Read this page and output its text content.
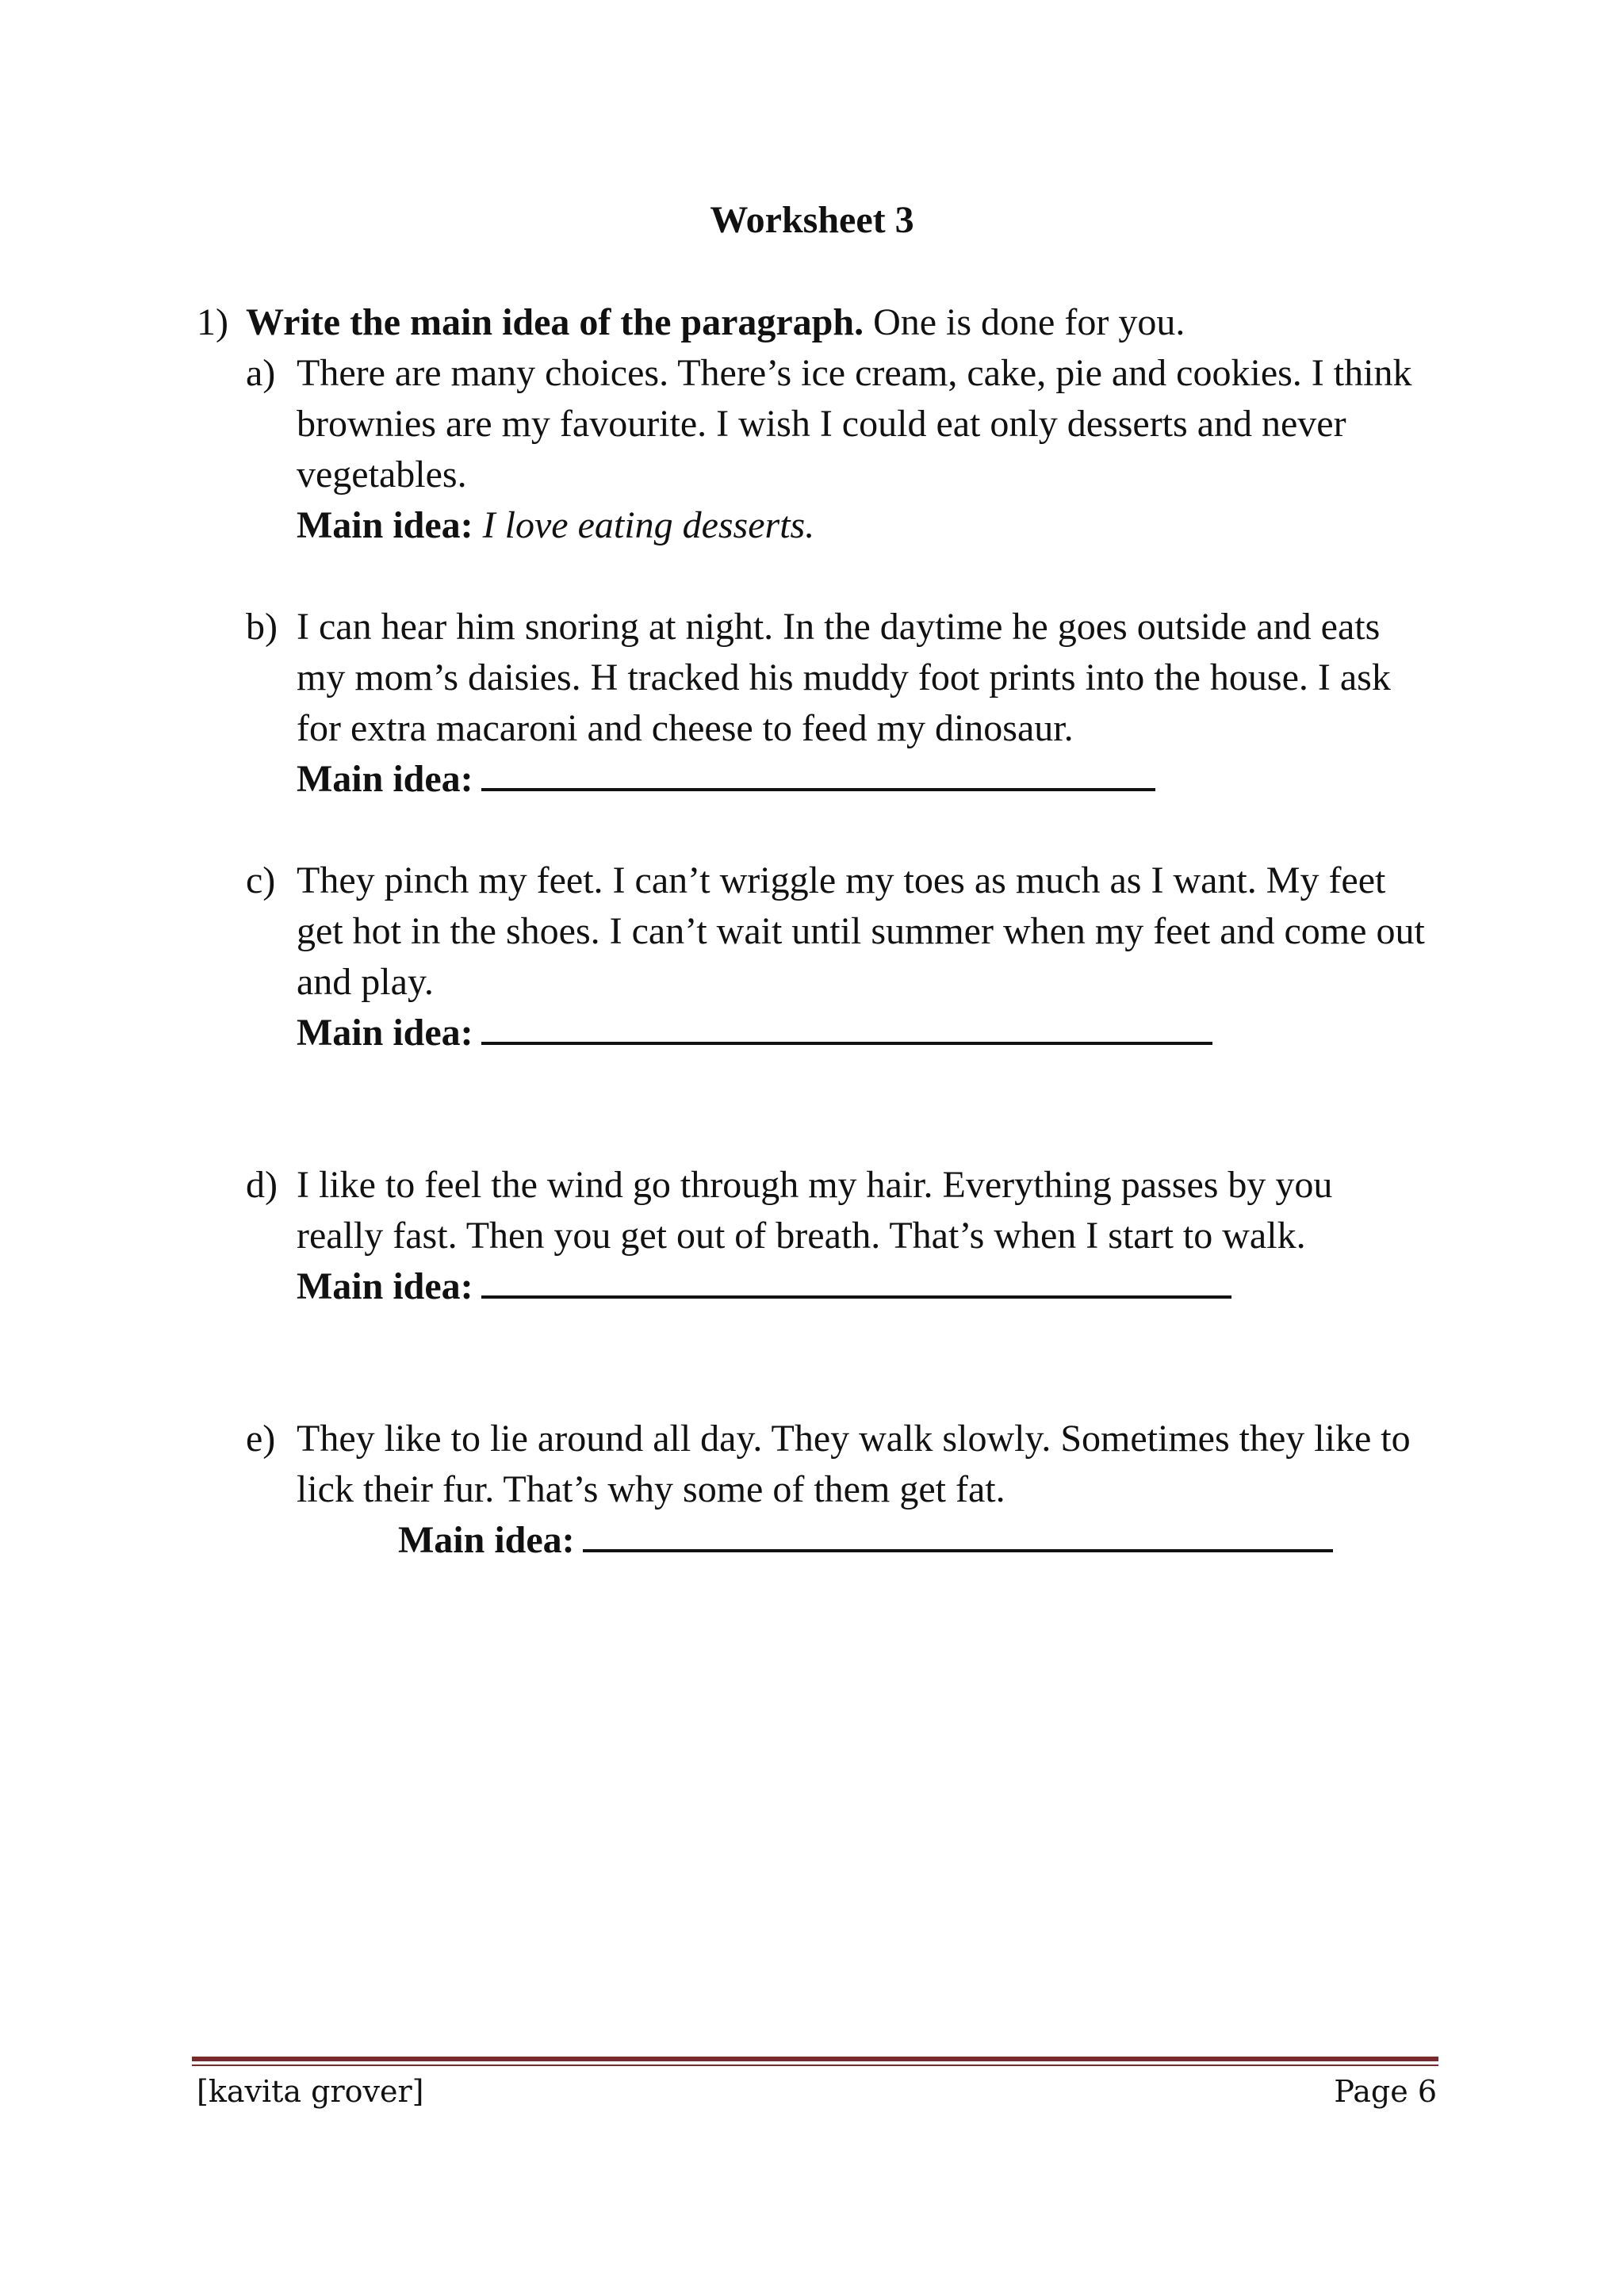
Worksheet 3
1) Write the main idea of the paragraph. One is done for you.
a) There are many choices. There’s ice cream, cake, pie and cookies. I think
brownies are my favourite. I wish I could eat only desserts and never
vegetables.
Main idea: I love eating desserts.
b) I can hear him snoring at night. In the daytime he goes outside and eats
my mom’s daisies. H tracked his muddy foot prints into the house. I ask
for extra macaroni and cheese to feed my dinosaur.
Main idea:
c) They pinch my feet. I can’t wriggle my toes as much as I want. My feet
get hot in the shoes. I can’t wait until summer when my feet and come out
and play.
Main idea:
d) I like to feel the wind go through my hair. Everything passes by you
really fast. Then you get out of breath. That’s when I start to walk.
Main idea:
e) They like to lie around all day. They walk slowly. Sometimes they like to
lick their fur. That’s why some of them get fat.
Main idea:
[kavita grover]	Page 6
